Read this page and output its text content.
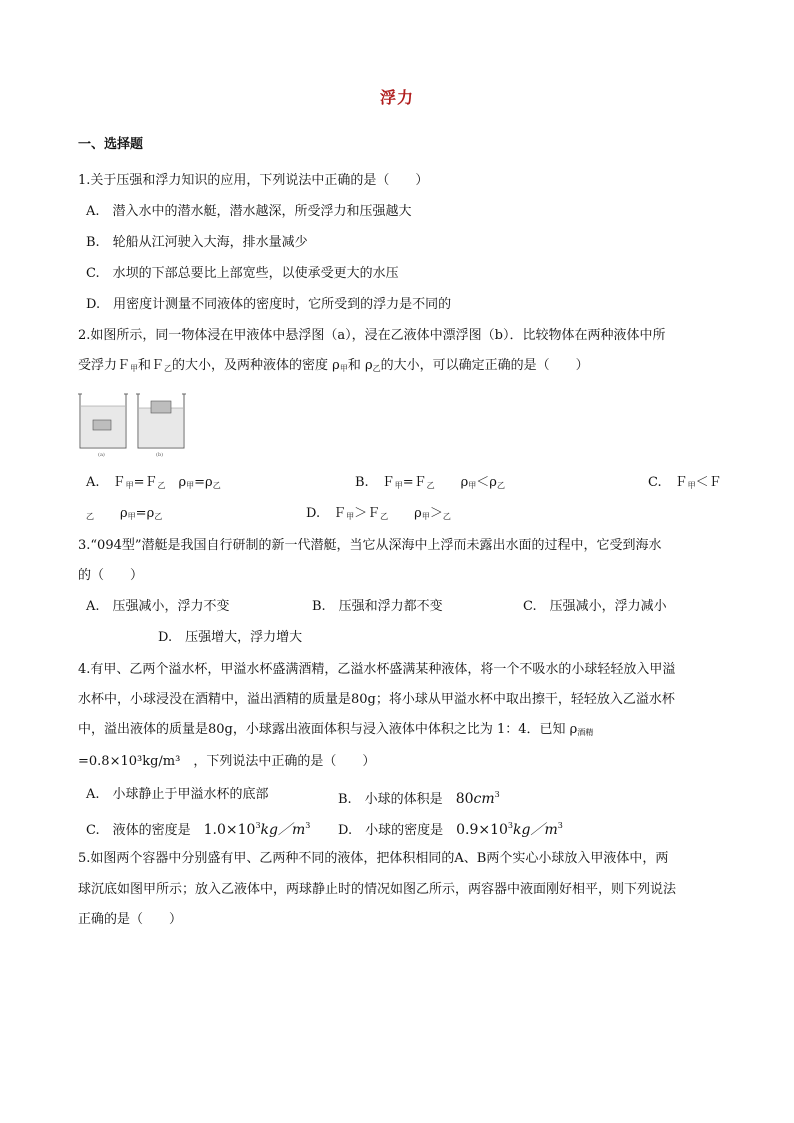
浮力
一、选择题
1.关于压强和浮力知识的应用，下列说法中正确的是（　　）
A.　潜入水中的潜水艇，潜水越深，所受浮力和压强越大
B.　轮船从江河驶入大海，排水量减少
C.　水坝的下部总要比上部宽些，以使承受更大的水压
D.　用密度计测量不同液体的密度时，它所受到的浮力是不同的
2.如图所示，同一物体浸在甲液体中悬浮图（a），浸在乙液体中漂浮图（b）．比较物体在两种液体中所
受浮力Ｆ$_甲$和Ｆ$_乙$的大小，及两种液体的密度 $\rho_甲$和 $\rho_乙$的大小，可以确定正确的是（　　）
(a)	(b)
A.　 Ｆ$_甲$=Ｆ$_乙$　 $\rho_甲=\rho_乙$	B.　 Ｆ$_甲$=Ｆ$_乙$　　 $\rho_甲<\rho_乙$	C.　 Ｆ$_甲$＜Ｆ
$_乙$　　 $\rho_甲=\rho_乙$	D.　 Ｆ$_甲$＞Ｆ$_乙$　　 $\rho_甲>_乙$
3.“094型”潜艇是我国自行研制的新一代潜艇，当它从深海中上浮而未露出水面的过程中，它受到海水
的（　　）
A.　压强减小，浮力不变	B.　压强和浮力都不变	C.　压强减小，浮力减小
D.　压强增大，浮力增大
4.有甲、乙两个溢水杯，甲溢水杯盛满酒精，乙溢水杯盛满某种液体，将一个不吸水的小球轻轻放入甲溢
水杯中，小球浸没在酒精中，溢出酒精的质量是80g；将小球从甲溢水杯中取出擦干，轻轻放入乙溢水杯
中，溢出液体的质量是80g，小球露出液面体积与浸入液体中体积之比为 1：4．已知 $\rho_{酒精}$
=0.8×10³kg/m³　，下列说法中正确的是（　　）
A.　小球静止于甲溢水杯的底部	B.　小球的体积是　 $80cm^3$
C.　液体的密度是　 $1.0\times 10^3kg/m^3$ D.　小球的密度是　 $0.9\times 10^3kg/m^3$
5.如图两个容器中分别盛有甲、乙两种不同的液体，把体积相同的A、B两个实心小球放入甲液体中，两
球沉底如图甲所示；放入乙液体中，两球静止时的情况如图乙所示，两容器中液面刚好相平，则下列说法
正确的是（　　）
